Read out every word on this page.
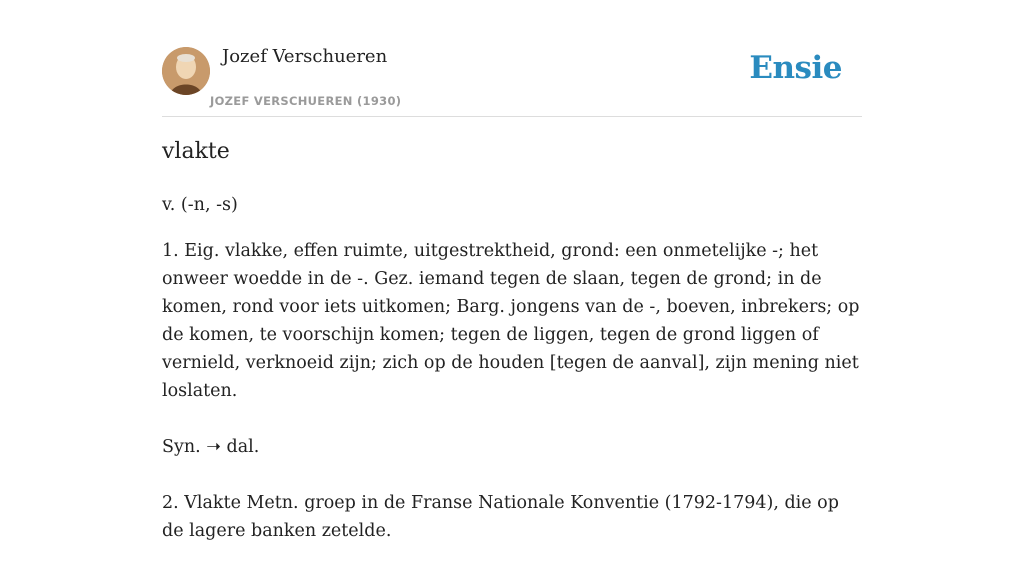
Jozef Verschueren
JOZEF VERSCHUEREN (1930)
Ensie
vlakte

v. (-n, -s)

1. Eig. vlakke, effen ruimte, uitgestrektheid, grond: een onmetelijke -; het onweer woedde in de -. Gez. iemand tegen de slaan, tegen de grond; in de komen, rond voor iets uitkomen; Barg. jongens van de -, boeven, inbrekers; op de komen, te voorschijn komen; tegen de liggen, tegen de grond liggen of vernield, verknoeid zijn; zich op de houden [tegen de aanval], zijn mening niet loslaten.

Syn. ➝ dal.

2. Vlakte Metn. groep in de Franse Nationale Konventie (1792-1794), die op de lagere banken zetelde.
